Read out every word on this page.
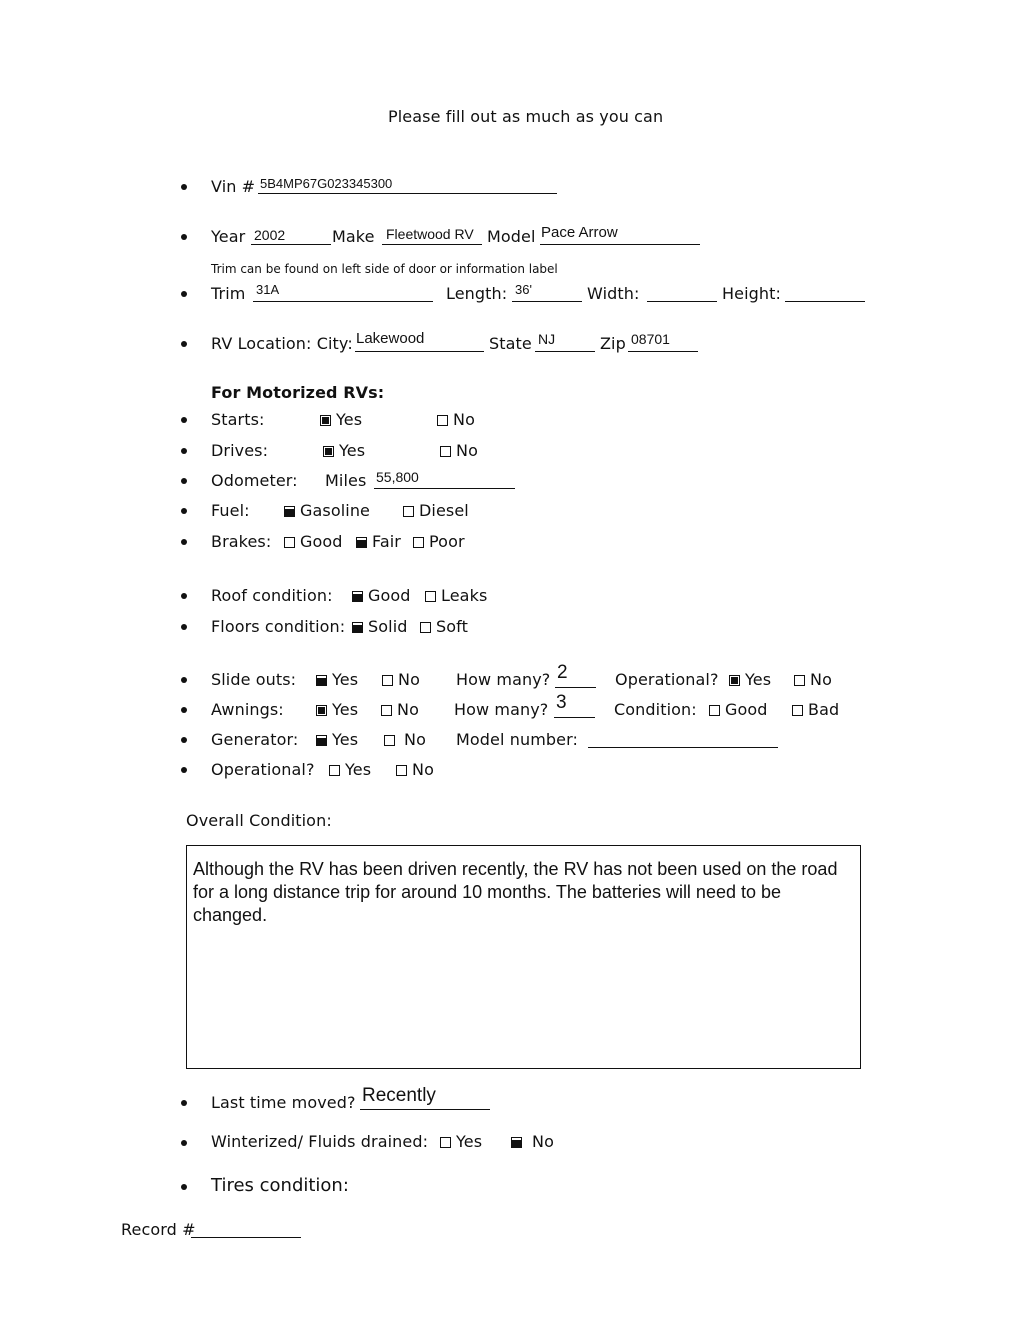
Please fill out as much as you can
Vin # 5B4MP67G023345300
Year 2002	Make Fleetwood RV Model Pace Arrow
Trim can be found on left side of door or information label
Trim 31A	Length: 36'	Width:	Height:
RV Location: City: Lakewood	State NJ	Zip 08701
For Motorized RVs:
Starts:	Yes	No
Drives:	Yes	No
Odometer: Miles 55,800
Fuel:	Gasoline	Diesel
Brakes:	Good	Fair	Poor
Roof condition:	Good	Leaks
Floors condition:	Solid	Soft
Slide outs:	Yes	No How many? 2	Operational?	Yes	No
Awnings:	Yes	No How many? 3	Condition:	Good	Bad
Generator:	Yes	No Model number:
Operational?	Yes	No
Overall Condition:
Although the RV has been driven recently, the RV has not been used on the road for a long distance trip for around 10 months. The batteries will need to be changed.
Last time moved? Recently
Winterized/ Fluids drained:	Yes	No
Tires condition:
Record #
